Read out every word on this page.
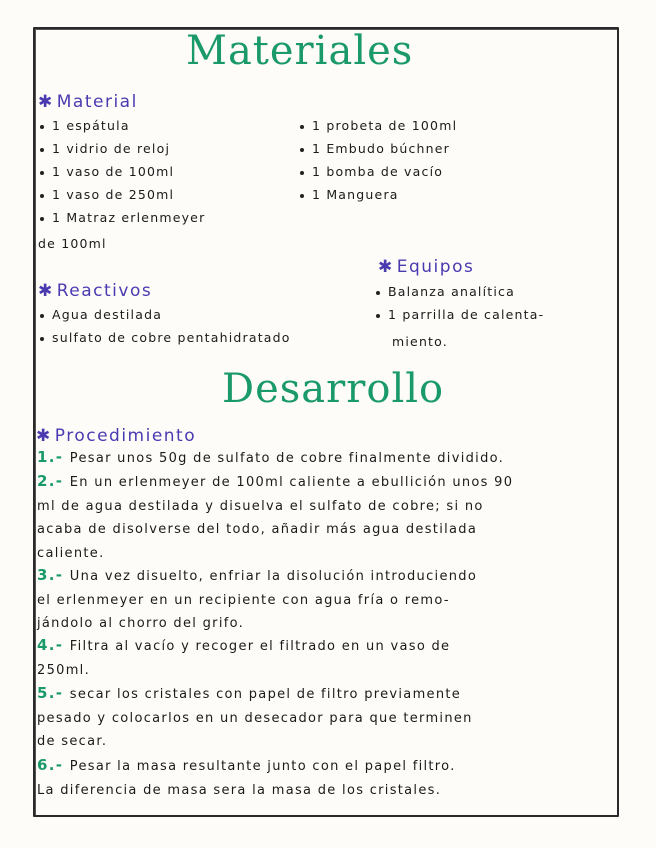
Materiales
✱ Material
1 espátula
1 vidrio de reloj
1 vaso de 100ml
1 vaso de 250ml
1 Matraz erlenmeyer
de 100ml
1 probeta de 100ml
1 Embudo búchner
1 bomba de vacío
1 Manguera
✱ Reactivos
Agua destilada
sulfato de cobre pentahidratado
✱ Equipos
Balanza analítica
1 parrilla de calenta-
miento.
Desarrollo
✱ Procedimiento
1.- Pesar unos 50g de sulfato de cobre finalmente dividido.
2.- En un erlenmeyer de 100ml caliente a ebullición unos 90
ml de agua destilada y disuelva el sulfato de cobre; si no
acaba de disolverse del todo, añadir más agua destilada
caliente.
3.- Una vez disuelto, enfriar la disolución introduciendo
el erlenmeyer en un recipiente con agua fría o remo-
jándolo al chorro del grifo.
4.- Filtra al vacío y recoger el filtrado en un vaso de
250ml.
5.- secar los cristales con papel de filtro previamente
pesado y colocarlos en un desecador para que terminen
de secar.
6.- Pesar la masa resultante junto con el papel filtro.
La diferencia de masa sera la masa de los cristales.
